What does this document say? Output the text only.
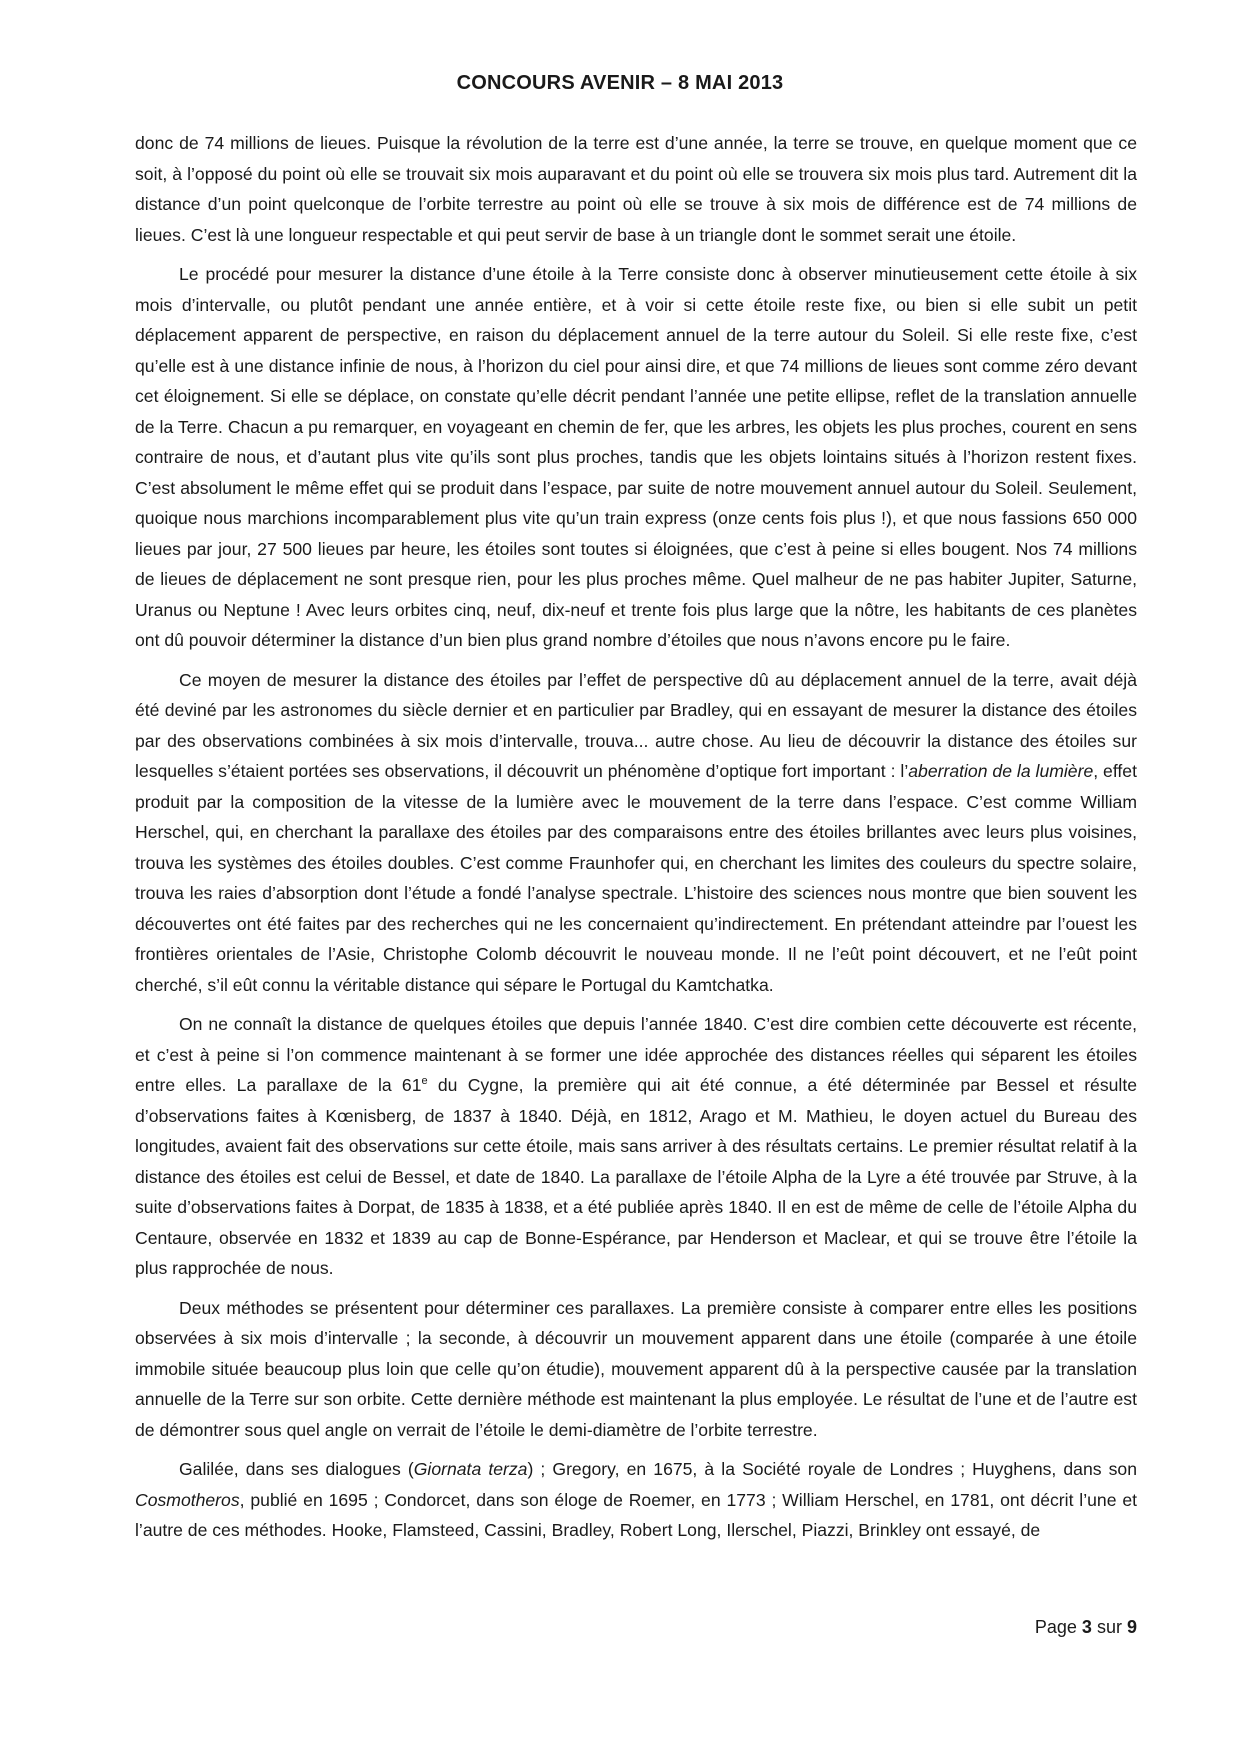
CONCOURS AVENIR – 8 MAI 2013

donc de 74 millions de lieues. Puisque la révolution de la terre est d’une année, la terre se trouve, en quelque moment que ce soit, à l’opposé du point où elle se trouvait six mois auparavant et du point où elle se trouvera six mois plus tard. Autrement dit la distance d’un point quelconque de l’orbite terrestre au point où elle se trouve à six mois de différence est de 74 millions de lieues. C’est là une longueur respectable et qui peut servir de base à un triangle dont le sommet serait une étoile.

Le procédé pour mesurer la distance d’une étoile à la Terre consiste donc à observer minutieusement cette étoile à six mois d’intervalle, ou plutôt pendant une année entière, et à voir si cette étoile reste fixe, ou bien si elle subit un petit déplacement apparent de perspective, en raison du déplacement annuel de la terre autour du Soleil. Si elle reste fixe, c’est qu’elle est à une distance infinie de nous, à l’horizon du ciel pour ainsi dire, et que 74 millions de lieues sont comme zéro devant cet éloignement. Si elle se déplace, on constate qu’elle décrit pendant l’année une petite ellipse, reflet de la translation annuelle de la Terre. Chacun a pu remarquer, en voyageant en chemin de fer, que les arbres, les objets les plus proches, courent en sens contraire de nous, et d’autant plus vite qu’ils sont plus proches, tandis que les objets lointains situés à l’horizon restent fixes. C’est absolument le même effet qui se produit dans l’espace, par suite de notre mouvement annuel autour du Soleil. Seulement, quoique nous marchions incomparablement plus vite qu’un train express (onze cents fois plus !), et que nous fassions 650 000 lieues par jour, 27 500 lieues par heure, les étoiles sont toutes si éloignées, que c’est à peine si elles bougent. Nos 74 millions de lieues de déplacement ne sont presque rien, pour les plus proches même. Quel malheur de ne pas habiter Jupiter, Saturne, Uranus ou Neptune ! Avec leurs orbites cinq, neuf, dix-neuf et trente fois plus large que la nôtre, les habitants de ces planètes ont dû pouvoir déterminer la distance d’un bien plus grand nombre d’étoiles que nous n’avons encore pu le faire.

Ce moyen de mesurer la distance des étoiles par l’effet de perspective dû au déplacement annuel de la terre, avait déjà été deviné par les astronomes du siècle dernier et en particulier par Bradley, qui en essayant de mesurer la distance des étoiles par des observations combinées à six mois d’intervalle, trouva... autre chose. Au lieu de découvrir la distance des étoiles sur lesquelles s’étaient portées ses observations, il découvrit un phénomène d’optique fort important : l’aberration de la lumière, effet produit par la composition de la vitesse de la lumière avec le mouvement de la terre dans l’espace. C’est comme William Herschel, qui, en cherchant la parallaxe des étoiles par des comparaisons entre des étoiles brillantes avec leurs plus voisines, trouva les systèmes des étoiles doubles. C’est comme Fraunhofer qui, en cherchant les limites des couleurs du spectre solaire, trouva les raies d’absorption dont l’étude a fondé l’analyse spectrale. L’histoire des sciences nous montre que bien souvent les découvertes ont été faites par des recherches qui ne les concernaient qu’indirectement. En prétendant atteindre par l’ouest les frontières orientales de l’Asie, Christophe Colomb découvrit le nouveau monde. Il ne l’eût point découvert, et ne l’eût point cherché, s’il eût connu la véritable distance qui sépare le Portugal du Kamtchatka.

On ne connaît la distance de quelques étoiles que depuis l’année 1840. C’est dire combien cette découverte est récente, et c’est à peine si l’on commence maintenant à se former une idée approchée des distances réelles qui séparent les étoiles entre elles. La parallaxe de la 61e du Cygne, la première qui ait été connue, a été déterminée par Bessel et résulte d’observations faites à Kœnisberg, de 1837 à 1840. Déjà, en 1812, Arago et M. Mathieu, le doyen actuel du Bureau des longitudes, avaient fait des observations sur cette étoile, mais sans arriver à des résultats certains. Le premier résultat relatif à la distance des étoiles est celui de Bessel, et date de 1840. La parallaxe de l’étoile Alpha de la Lyre a été trouvée par Struve, à la suite d’observations faites à Dorpat, de 1835 à 1838, et a été publiée après 1840. Il en est de même de celle de l’étoile Alpha du Centaure, observée en 1832 et 1839 au cap de Bonne-Espérance, par Henderson et Maclear, et qui se trouve être l’étoile la plus rapprochée de nous.

Deux méthodes se présentent pour déterminer ces parallaxes. La première consiste à comparer entre elles les positions observées à six mois d’intervalle ; la seconde, à découvrir un mouvement apparent dans une étoile (comparée à une étoile immobile située beaucoup plus loin que celle qu’on étudie), mouvement apparent dû à la perspective causée par la translation annuelle de la Terre sur son orbite. Cette dernière méthode est maintenant la plus employée. Le résultat de l’une et de l’autre est de démontrer sous quel angle on verrait de l’étoile le demi-diamètre de l’orbite terrestre.

Galilée, dans ses dialogues (Giornata terza) ; Gregory, en 1675, à la Société royale de Londres ; Huyghens, dans son Cosmotheros, publié en 1695 ; Condorcet, dans son éloge de Roemer, en 1773 ; William Herschel, en 1781, ont décrit l’une et l’autre de ces méthodes. Hooke, Flamsteed, Cassini, Bradley, Robert Long, Ilerschel, Piazzi, Brinkley ont essayé, de

Page 3 sur 9
